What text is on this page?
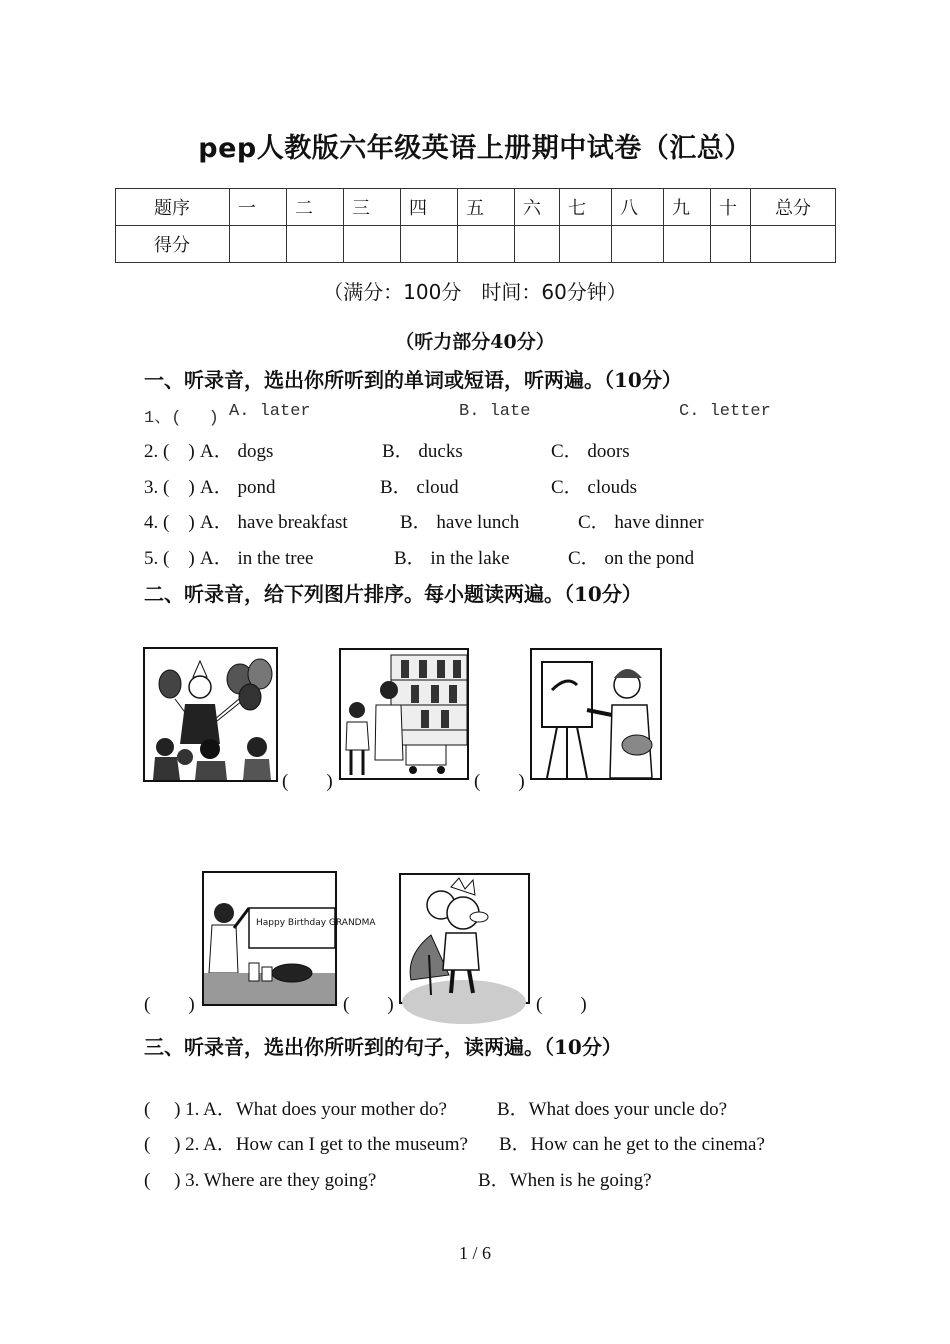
pep人教版六年级英语上册期中试卷（汇总）
题序	一	二	三	四	五	六	七	八	九	十	总分
得分											
（满分：100分　时间：60分钟）
（听力部分40分）
一、听录音，选出你所听到的单词或短语，听两遍。（10分）
1、(　 ) A. later	B. late	C. letter
2. (　) A． dogs	B． ducks	C． doors
3. (　) A． pond	B． cloud	C． clouds
4. (　) A． have breakfast	B． have lunch	C． have dinner
5. (　) A． in the tree	B． in the lake	C． on the pond
二、听录音，给下列图片排序。每小题读两遍。（10分）
(　　)	(　　)
(　　)
Happy Birthday GRANDMA
(　　)	(　　)
三、听录音，选出你所听到的句子，读两遍。（10分）
(　 ) 1. A．What does your mother do?	B．What does your uncle do?
(　 ) 2. A．How can I get to the museum? B．How can he get to the cinema?
(　 ) 3. Where are they going?	B．When is he going?
1 / 6
